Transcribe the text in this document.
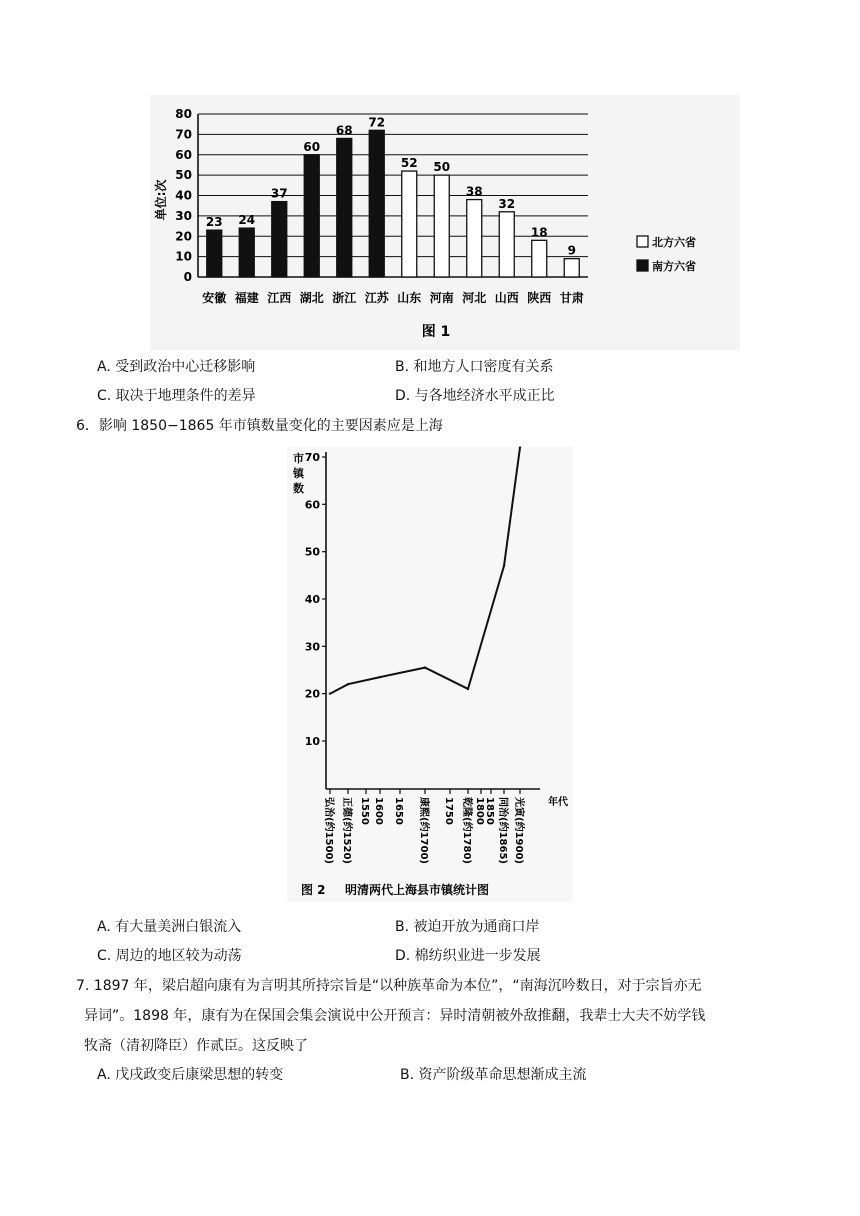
23 24
37
60
68
72
52 50
38
32
18
9
安徽 福建 江西 湖北 浙江 江苏 山东 河南 河北 山西 陕西 甘肃
0
10
20
30
40
50
60
70
80
单位:次
北方六省
南方六省
图 1
A. 受到政治中心迁移影响	B. 和地方人口密度有关系
C. 取决于地理条件的差异	D. 与各地经济水平成正比
6．影响 1850−1865 年市镇数量变化的主要因素应是上海
10
20
30
40
50
60
70
弘治(约1500) 正德(约1520) 1550 1600 1650 康熙(约1700) 1750 乾隆(约1780) 1800 1850 同治(约1865) 光寅(约1900)
市镇数
年代
图 2 明清两代上海县市镇统计图
A. 有大量美洲白银流入	B. 被迫开放为通商口岸
C. 周边的地区较为动荡	D. 棉纺织业进一步发展
7. 1897 年，梁启超向康有为言明其所持宗旨是“以种族革命为本位”，“南海沉吟数日，对于宗旨亦无
异词”。1898 年，康有为在保国会集会演说中公开预言：异时清朝被外敌推翻，我辈士大夫不妨学钱
牧斋（清初降臣）作贰臣。这反映了
A. 戊戌政变后康梁思想的转变	B. 资产阶级革命思想渐成主流
